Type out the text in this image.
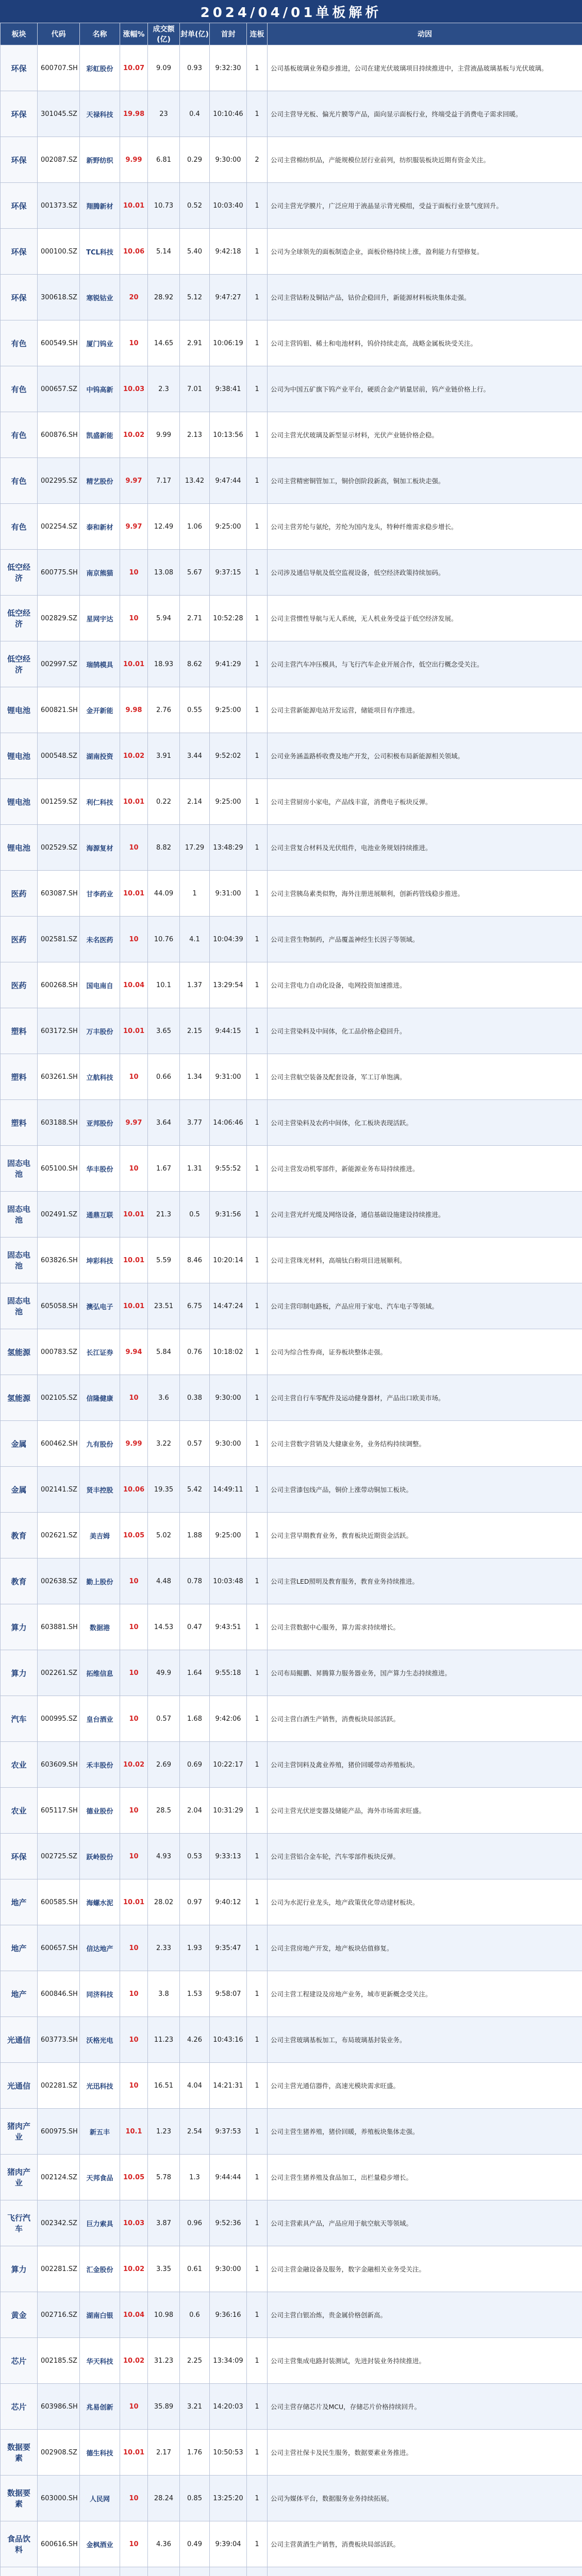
2024/04/01单板解析
板块	代码	名称	涨幅%	成交额(亿)	封单(亿)	首封	连板	动因
环保	600707.SH	彩虹股份	10.07	9.09	0.93	9:32:30	1	公司基板玻璃业务稳步推进，公司在建光伏玻璃项目持续推进中，主营液晶玻璃基板与光伏玻璃。
环保	301045.SZ	天禄科技	19.98	23	0.4	10:10:46	1	公司主营导光板、偏光片膜等产品，面向显示面板行业，终端受益于消费电子需求回暖。
环保	002087.SZ	新野纺织	9.99	6.81	0.29	9:30:00	2	公司主营棉纺织品，产能规模位居行业前列，纺织服装板块近期有资金关注。
环保	001373.SZ	翔腾新材	10.01	10.73	0.52	10:03:40	1	公司主营光学膜片，广泛应用于液晶显示背光模组，受益于面板行业景气度回升。
环保	000100.SZ	TCL科技	10.06	5.14	5.40	9:42:18	1	公司为全球领先的面板制造企业，面板价格持续上涨，盈利能力有望修复。
环保	300618.SZ	寒锐钴业	20	28.92	5.12	9:47:27	1	公司主营钴粉及铜钴产品，钴价企稳回升，新能源材料板块集体走强。
有色	600549.SH	厦门钨业	10	14.65	2.91	10:06:19	1	公司主营钨钼、稀土和电池材料，钨价持续走高，战略金属板块受关注。
有色	000657.SZ	中钨高新	10.03	2.3	7.01	9:38:41	1	公司为中国五矿旗下钨产业平台，硬质合金产销量居前，钨产业链价格上行。
有色	600876.SH	凯盛新能	10.02	9.99	2.13	10:13:56	1	公司主营光伏玻璃及新型显示材料，光伏产业链价格企稳。
有色	002295.SZ	精艺股份	9.97	7.17	13.42	9:47:44	1	公司主营精密铜管加工，铜价创阶段新高，铜加工板块走强。
有色	002254.SZ	泰和新材	9.97	12.49	1.06	9:25:00	1	公司主营芳纶与氨纶，芳纶为国内龙头，特种纤维需求稳步增长。
低空经济	600775.SH	南京熊猫	10	13.08	5.67	9:37:15	1	公司涉及通信导航及低空监视设备，低空经济政策持续加码。
低空经济	002829.SZ	星网宇达	10	5.94	2.71	10:52:28	1	公司主营惯性导航与无人系统，无人机业务受益于低空经济发展。
低空经济	002997.SZ	瑞鹄模具	10.01	18.93	8.62	9:41:29	1	公司主营汽车冲压模具，与飞行汽车企业开展合作，低空出行概念受关注。
锂电池	600821.SH	金开新能	9.98	2.76	0.55	9:25:00	1	公司主营新能源电站开发运营，储能项目有序推进。
锂电池	000548.SZ	湖南投资	10.02	3.91	3.44	9:52:02	1	公司业务涵盖路桥收费及地产开发，公司积极布局新能源相关领域。
锂电池	001259.SZ	利仁科技	10.01	0.22	2.14	9:25:00	1	公司主营厨房小家电，产品线丰富，消费电子板块反弹。
锂电池	002529.SZ	海源复材	10	8.82	17.29	13:48:29	1	公司主营复合材料及光伏组件，电池业务规划持续推进。
医药	603087.SH	甘李药业	10.01	44.09	1	9:31:00	1	公司主营胰岛素类似物，海外注册进展顺利，创新药管线稳步推进。
医药	002581.SZ	未名医药	10	10.76	4.1	10:04:39	1	公司主营生物制药，产品覆盖神经生长因子等领域。
医药	600268.SH	国电南自	10.04	10.1	1.37	13:29:54	1	公司主营电力自动化设备，电网投资加速推进。
塑料	603172.SH	万丰股份	10.01	3.65	2.15	9:44:15	1	公司主营染料及中间体，化工品价格企稳回升。
塑料	603261.SH	立航科技	10	0.66	1.34	9:31:00	1	公司主营航空装备及配套设备，军工订单饱满。
塑料	603188.SH	亚邦股份	9.97	3.64	3.77	14:06:46	1	公司主营染料及农药中间体，化工板块表现活跃。
固态电池	605100.SH	华丰股份	10	1.67	1.31	9:55:52	1	公司主营发动机零部件，新能源业务布局持续推进。
固态电池	002491.SZ	通鼎互联	10.01	21.3	0.5	9:31:56	1	公司主营光纤光缆及网络设备，通信基础设施建设持续推进。
固态电池	603826.SH	坤彩科技	10.01	5.59	8.46	10:20:14	1	公司主营珠光材料，高端钛白粉项目进展顺利。
固态电池	605058.SH	澳弘电子	10.01	23.51	6.75	14:47:24	1	公司主营印制电路板，产品应用于家电、汽车电子等领域。
氢能源	000783.SZ	长江证券	9.94	5.84	0.76	10:18:02	1	公司为综合性券商，证券板块整体走强。
氢能源	002105.SZ	信隆健康	10	3.6	0.38	9:30:00	1	公司主营自行车零配件及运动健身器材，产品出口欧美市场。
金属	600462.SH	九有股份	9.99	3.22	0.57	9:30:00	1	公司主营数字营销及大健康业务，业务结构持续调整。
金属	002141.SZ	贤丰控股	10.06	19.35	5.42	14:49:11	1	公司主营漆包线产品，铜价上涨带动铜加工板块。
教育	002621.SZ	美吉姆	10.05	5.02	1.88	9:25:00	1	公司主营早期教育业务，教育板块近期资金活跃。
教育	002638.SZ	勤上股份	10	4.48	0.78	10:03:48	1	公司主营LED照明及教育服务，教育业务持续推进。
算力	603881.SH	数据港	10	14.53	0.47	9:43:51	1	公司主营数据中心服务，算力需求持续增长。
算力	002261.SZ	拓维信息	10	49.9	1.64	9:55:18	1	公司布局鲲鹏、昇腾算力服务器业务，国产算力生态持续推进。
汽车	000995.SZ	皇台酒业	10	0.57	1.68	9:42:06	1	公司主营白酒生产销售，消费板块局部活跃。
农业	603609.SH	禾丰股份	10.02	2.69	0.69	10:22:17	1	公司主营饲料及禽业养殖，猪价回暖带动养殖板块。
农业	605117.SH	德业股份	10	28.5	2.04	10:31:29	1	公司主营光伏逆变器及储能产品，海外市场需求旺盛。
环保	002725.SZ	跃岭股份	10	4.93	0.53	9:33:13	1	公司主营铝合金车轮，汽车零部件板块反弹。
地产	600585.SH	海螺水泥	10.01	28.02	0.97	9:40:12	1	公司为水泥行业龙头，地产政策优化带动建材板块。
地产	600657.SH	信达地产	10	2.33	1.93	9:35:47	1	公司主营房地产开发，地产板块估值修复。
地产	600846.SH	同济科技	10	3.8	1.53	9:58:07	1	公司主营工程建设及房地产业务，城市更新概念受关注。
光通信	603773.SH	沃格光电	10	11.23	4.26	10:43:16	1	公司主营玻璃基板加工，布局玻璃基封装业务。
光通信	002281.SZ	光迅科技	10	16.51	4.04	14:21:31	1	公司主营光通信器件，高速光模块需求旺盛。
猪肉产业	600975.SH	新五丰	10.1	1.23	2.54	9:37:53	1	公司主营生猪养殖，猪价回暖，养殖板块集体走强。
猪肉产业	002124.SZ	天邦食品	10.05	5.78	1.3	9:44:44	1	公司主营生猪养殖及食品加工，出栏量稳步增长。
飞行汽车	002342.SZ	巨力索具	10.03	3.87	0.96	9:52:36	1	公司主营索具产品，产品应用于航空航天等领域。
算力	002281.SZ	汇金股份	10.02	3.35	0.61	9:30:00	1	公司主营金融设备及服务，数字金融相关业务受关注。
黄金	002716.SZ	湖南白银	10.04	10.98	0.6	9:36:16	1	公司主营白银冶炼，贵金属价格创新高。
芯片	002185.SZ	华天科技	10.02	31.23	2.25	13:34:09	1	公司主营集成电路封装测试，先进封装业务持续推进。
芯片	603986.SH	兆易创新	10	35.89	3.21	14:20:03	1	公司主营存储芯片及MCU，存储芯片价格持续回升。
数据要素	002908.SZ	德生科技	10.01	2.17	1.76	10:50:53	1	公司主营社保卡及民生服务，数据要素业务推进。
数据要素	603000.SH	人民网	10	28.24	0.85	13:25:20	1	公司为媒体平台，数据服务业务持续拓展。
食品饮料	600616.SH	金枫酒业	10	4.36	0.49	9:39:04	1	公司主营黄酒生产销售，消费板块局部活跃。
